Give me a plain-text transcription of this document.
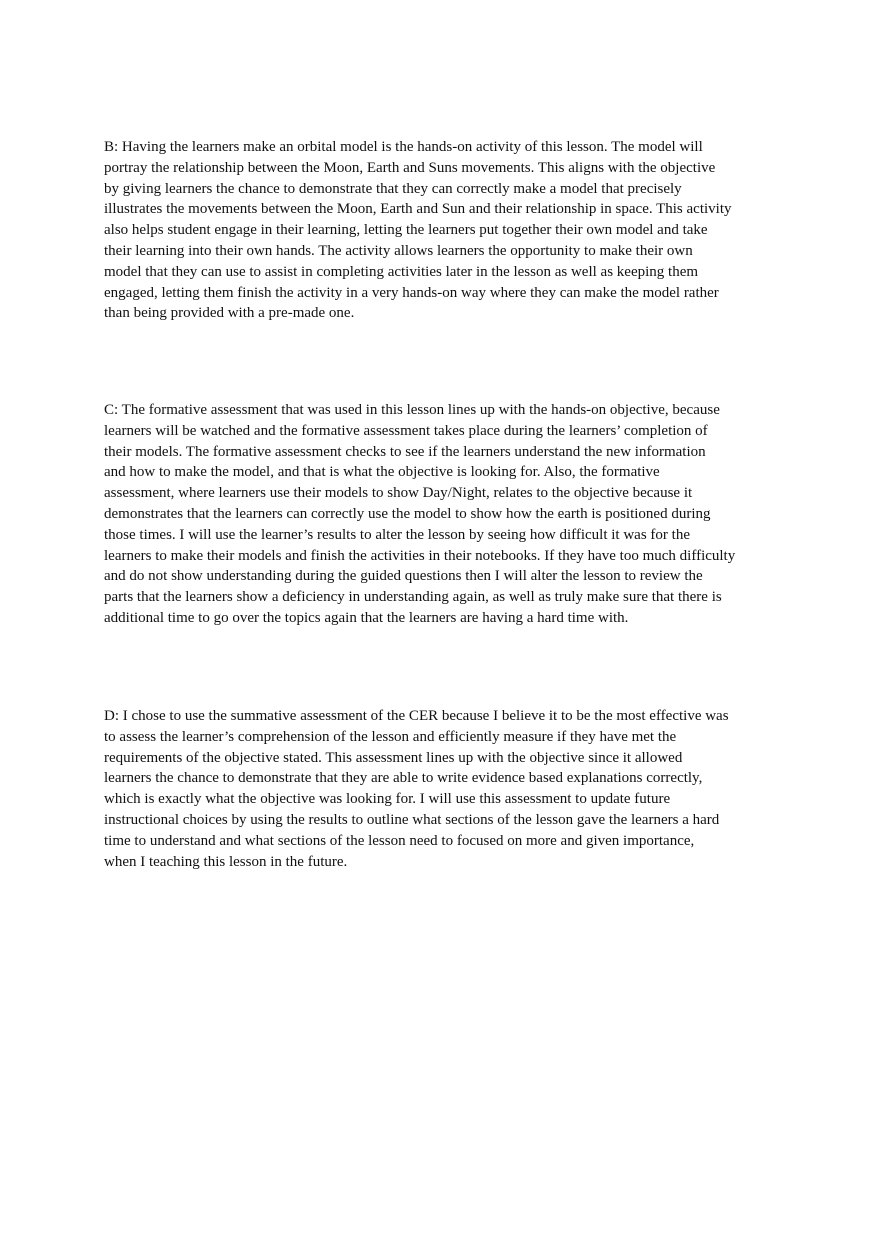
B: Having the learners make an orbital model is the hands-on activity of this lesson. The model will
portray the relationship between the Moon, Earth and Suns movements. This aligns with the objective
by giving learners the chance to demonstrate that they can correctly make a model that precisely
illustrates the movements between the Moon, Earth and Sun and their relationship in space. This activity
also helps student engage in their learning, letting the learners put together their own model and take
their learning into their own hands. The activity allows learners the opportunity to make their own
model that they can use to assist in completing activities later in the lesson as well as keeping them
engaged, letting them finish the activity in a very hands-on way where they can make the model rather
than being provided with a pre-made one.

C: The formative assessment that was used in this lesson lines up with the hands-on objective, because
learners will be watched and the formative assessment takes place during the learners’ completion of
their models. The formative assessment checks to see if the learners understand the new information
and how to make the model, and that is what the objective is looking for. Also, the formative
assessment, where learners use their models to show Day/Night, relates to the objective because it
demonstrates that the learners can correctly use the model to show how the earth is positioned during
those times. I will use the learner’s results to alter the lesson by seeing how difficult it was for the
learners to make their models and finish the activities in their notebooks. If they have too much difficulty
and do not show understanding during the guided questions then I will alter the lesson to review the
parts that the learners show a deficiency in understanding again, as well as truly make sure that there is
additional time to go over the topics again that the learners are having a hard time with.

D: I chose to use the summative assessment of the CER because I believe it to be the most effective was
to assess the learner’s comprehension of the lesson and efficiently measure if they have met the
requirements of the objective stated. This assessment lines up with the objective since it allowed
learners the chance to demonstrate that they are able to write evidence based explanations correctly,
which is exactly what the objective was looking for. I will use this assessment to update future
instructional choices by using the results to outline what sections of the lesson gave the learners a hard
time to understand and what sections of the lesson need to focused on more and given importance,
when I teaching this lesson in the future.
